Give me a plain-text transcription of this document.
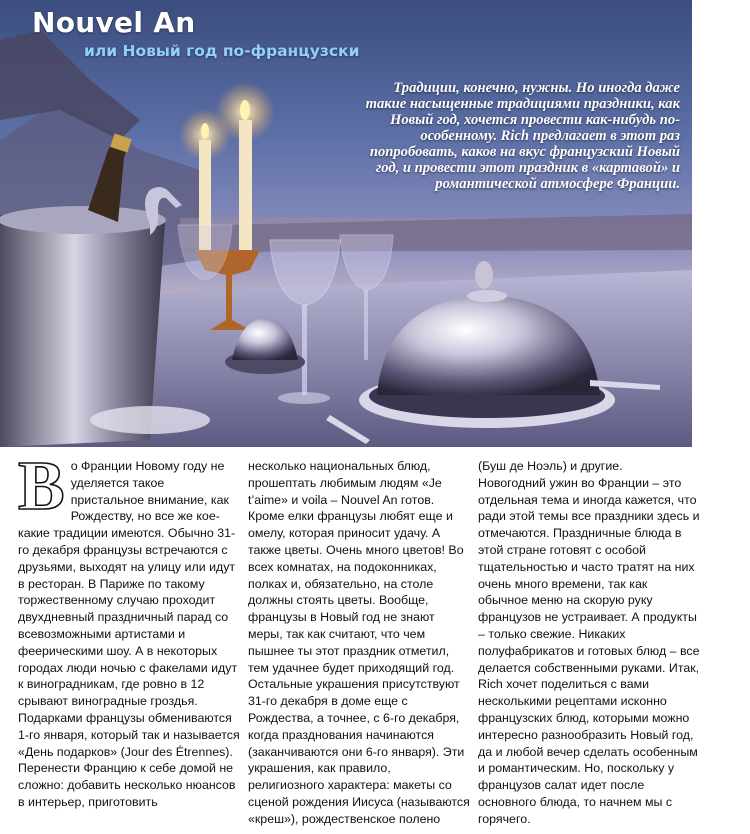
Nouvel An
или Новый год по-французски

Традиции, конечно, нужны. Но иногда даже такие насыщенные традициями праздники, как Новый год, хочется провести как-нибудь по-особенному. Rich предлагает в этот раз попробовать, каков на вкус французский Новый год, и провести этот праздник в «картавой» и романтической атмосфере Франции.

В о Франции Новому году не уделяется такое пристальное внимание, как Рождеству, но все же кое-какие традиции имеются. Обычно 31-го декабря французы встречаются с друзьями, выходят на улицу или идут в ресторан. В Париже по такому торжественному случаю проходит двухдневный праздничный парад со всевозможными артистами и феерическими шоу. А в некоторых городах люди ночью с факелами идут к виноградникам, где ровно в 12 срывают виноградные гроздья. Подарками французы обмениваются 1-го января, который так и называется «День подарков» (Jour des Étrennes).

Перенести Францию к себе домой не сложно: добавить несколько нюансов в интерьер, приготовить

несколько национальных блюд, прошептать любимым людям «Je t’aime» и voila – Nouvel An готов.

Кроме елки французы любят еще и омелу, которая приносит удачу. А также цветы. Очень много цветов! Во всех комнатах, на подоконниках, полках и, обязательно, на столе должны стоять цветы. Вообще, французы в Новый год не знают меры, так как считают, что чем пышнее ты этот праздник отметил, тем удачнее будет приходящий год.

Остальные украшения присутствуют 31-го декабря в доме еще с Рождества, а точнее, с 6-го декабря, когда празднования начинаются (заканчиваются они 6-го января). Эти украшения, как правило, религиозного характера: макеты со сценой рождения Иисуса (называются «креш»), рождественское полено

(Буш де Ноэль) и другие.

Новогодний ужин во Франции – это отдельная тема и иногда кажется, что ради этой темы все праздники здесь и отмечаются. Праздничные блюда в этой стране готовят с особой тщательностью и часто тратят на них очень много времени, так как обычное меню на скорую руку французов не устраивает. А продукты – только свежие. Никаких полуфабрикатов и готовых блюд – все делается собственными руками. Итак, Rich хочет поделиться с вами несколькими рецептами исконно французских блюд, которыми можно интересно разнообразить Новый год, да и любой вечер сделать особенным и романтическим. Но, поскольку у французов салат идет после основного блюда, то начнем мы с горячего.
